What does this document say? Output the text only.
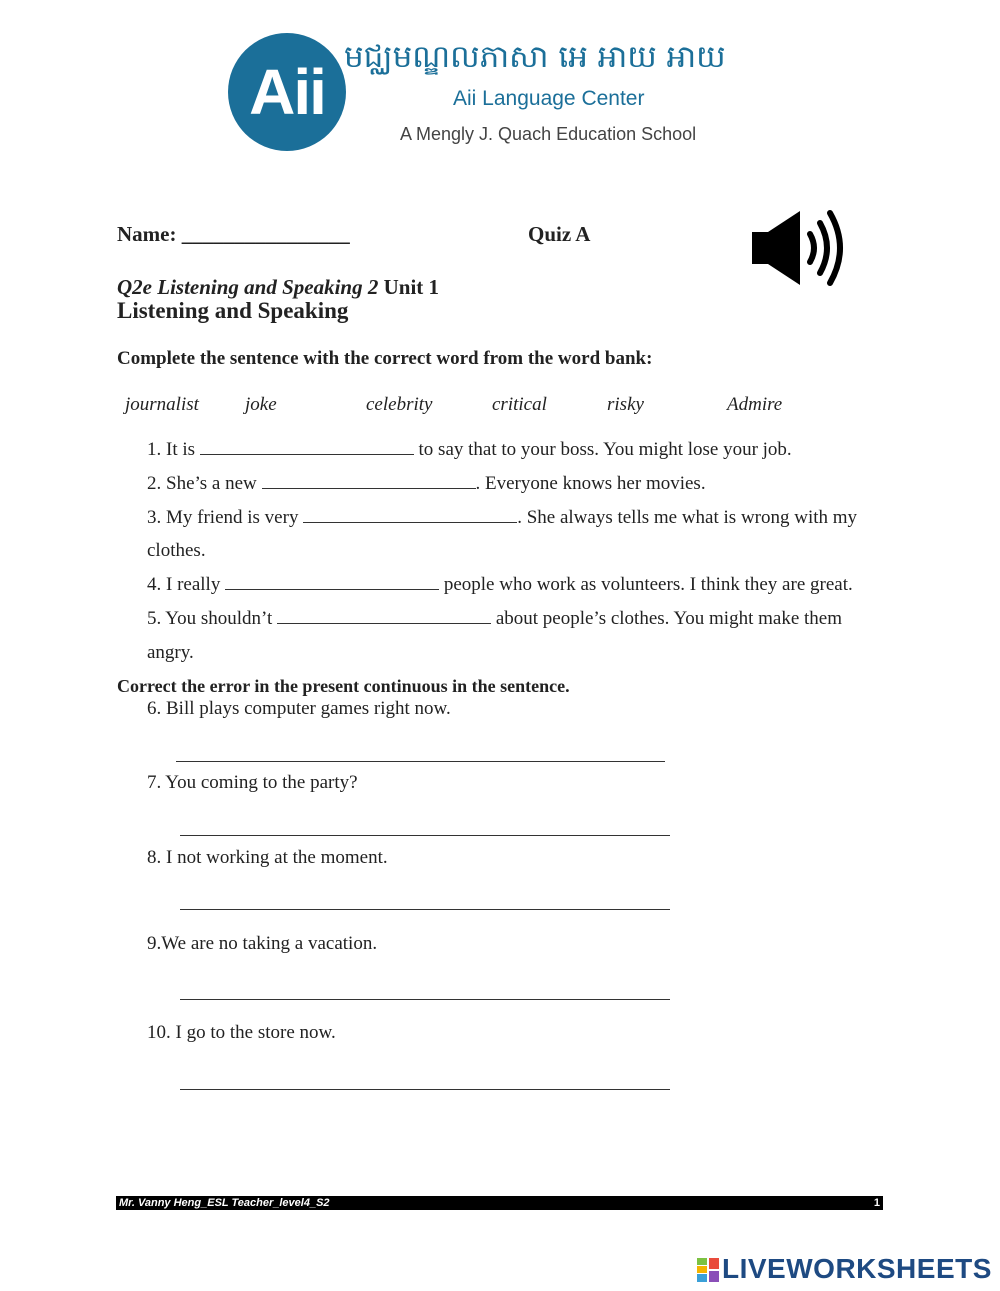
Aii មជ្ឈមណ្ឌលភាសា អេ អាយ អាយ
Aii Language Center
A Mengly J. Quach Education School
Name: ________________	Quiz A
Q2e Listening and Speaking 2 Unit 1
Listening and Speaking
Complete the sentence with the correct word from the word bank:
journalist joke	celebrity	critical	risky	Admire
1. It is	to say that to your boss. You might lose your job.
2. She’s a new	. Everyone knows her movies.
3. My friend is very	. She always tells me what is wrong with my
clothes.
4. I really	people who work as volunteers. I think they are great.
5. You shouldn’t	about people’s clothes. You might make them
angry.
Correct the error in the present continuous in the sentence.
6. Bill plays computer games right now.
7. You coming to the party?
8. I not working at the moment.
9.We are no taking a vacation.
10. I go to the store now.
Mr. Vanny Heng_ESL Teacher_level4_S2	1
LIVEWORKSHEETS
